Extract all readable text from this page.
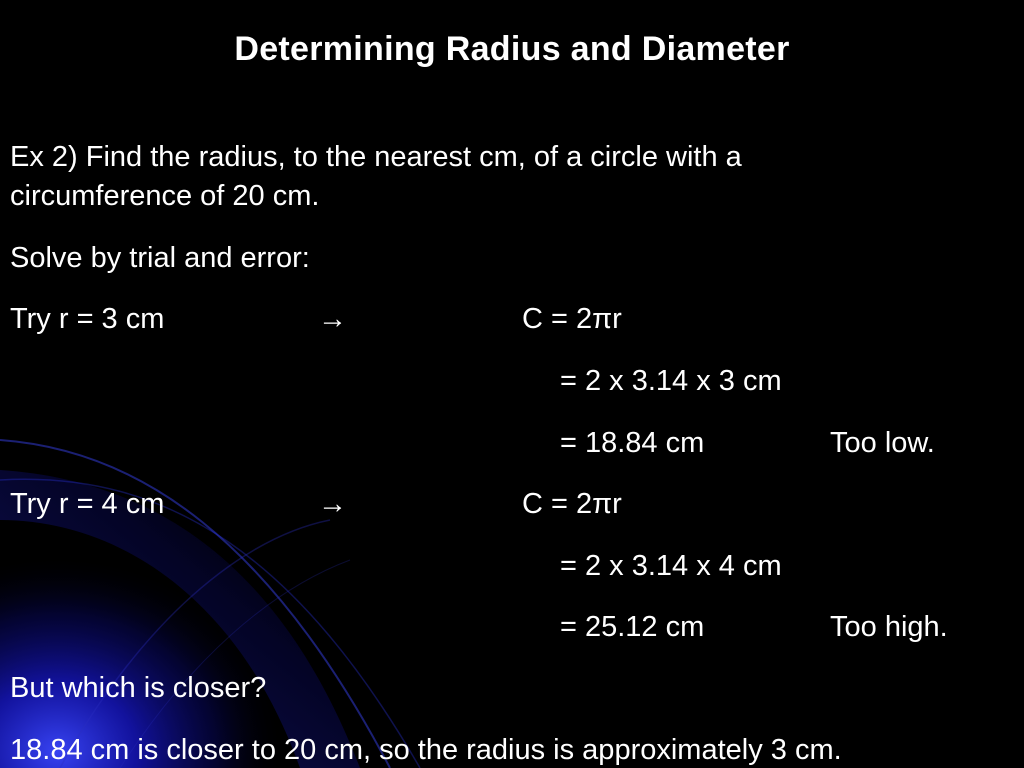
Determining Radius and Diameter
Ex 2) Find the radius, to the nearest cm, of a circle with a
circumference of 20 cm.
Solve by trial and error:
Try r = 3 cm	→	C = 2πr
= 2 x 3.14 x 3 cm
= 18.84 cm	Too low.
Try r = 4 cm	→	C = 2πr
= 2 x 3.14 x 4 cm
= 25.12 cm	Too high.
But which is closer?
18.84 cm is closer to 20 cm, so the radius is approximately 3 cm.
